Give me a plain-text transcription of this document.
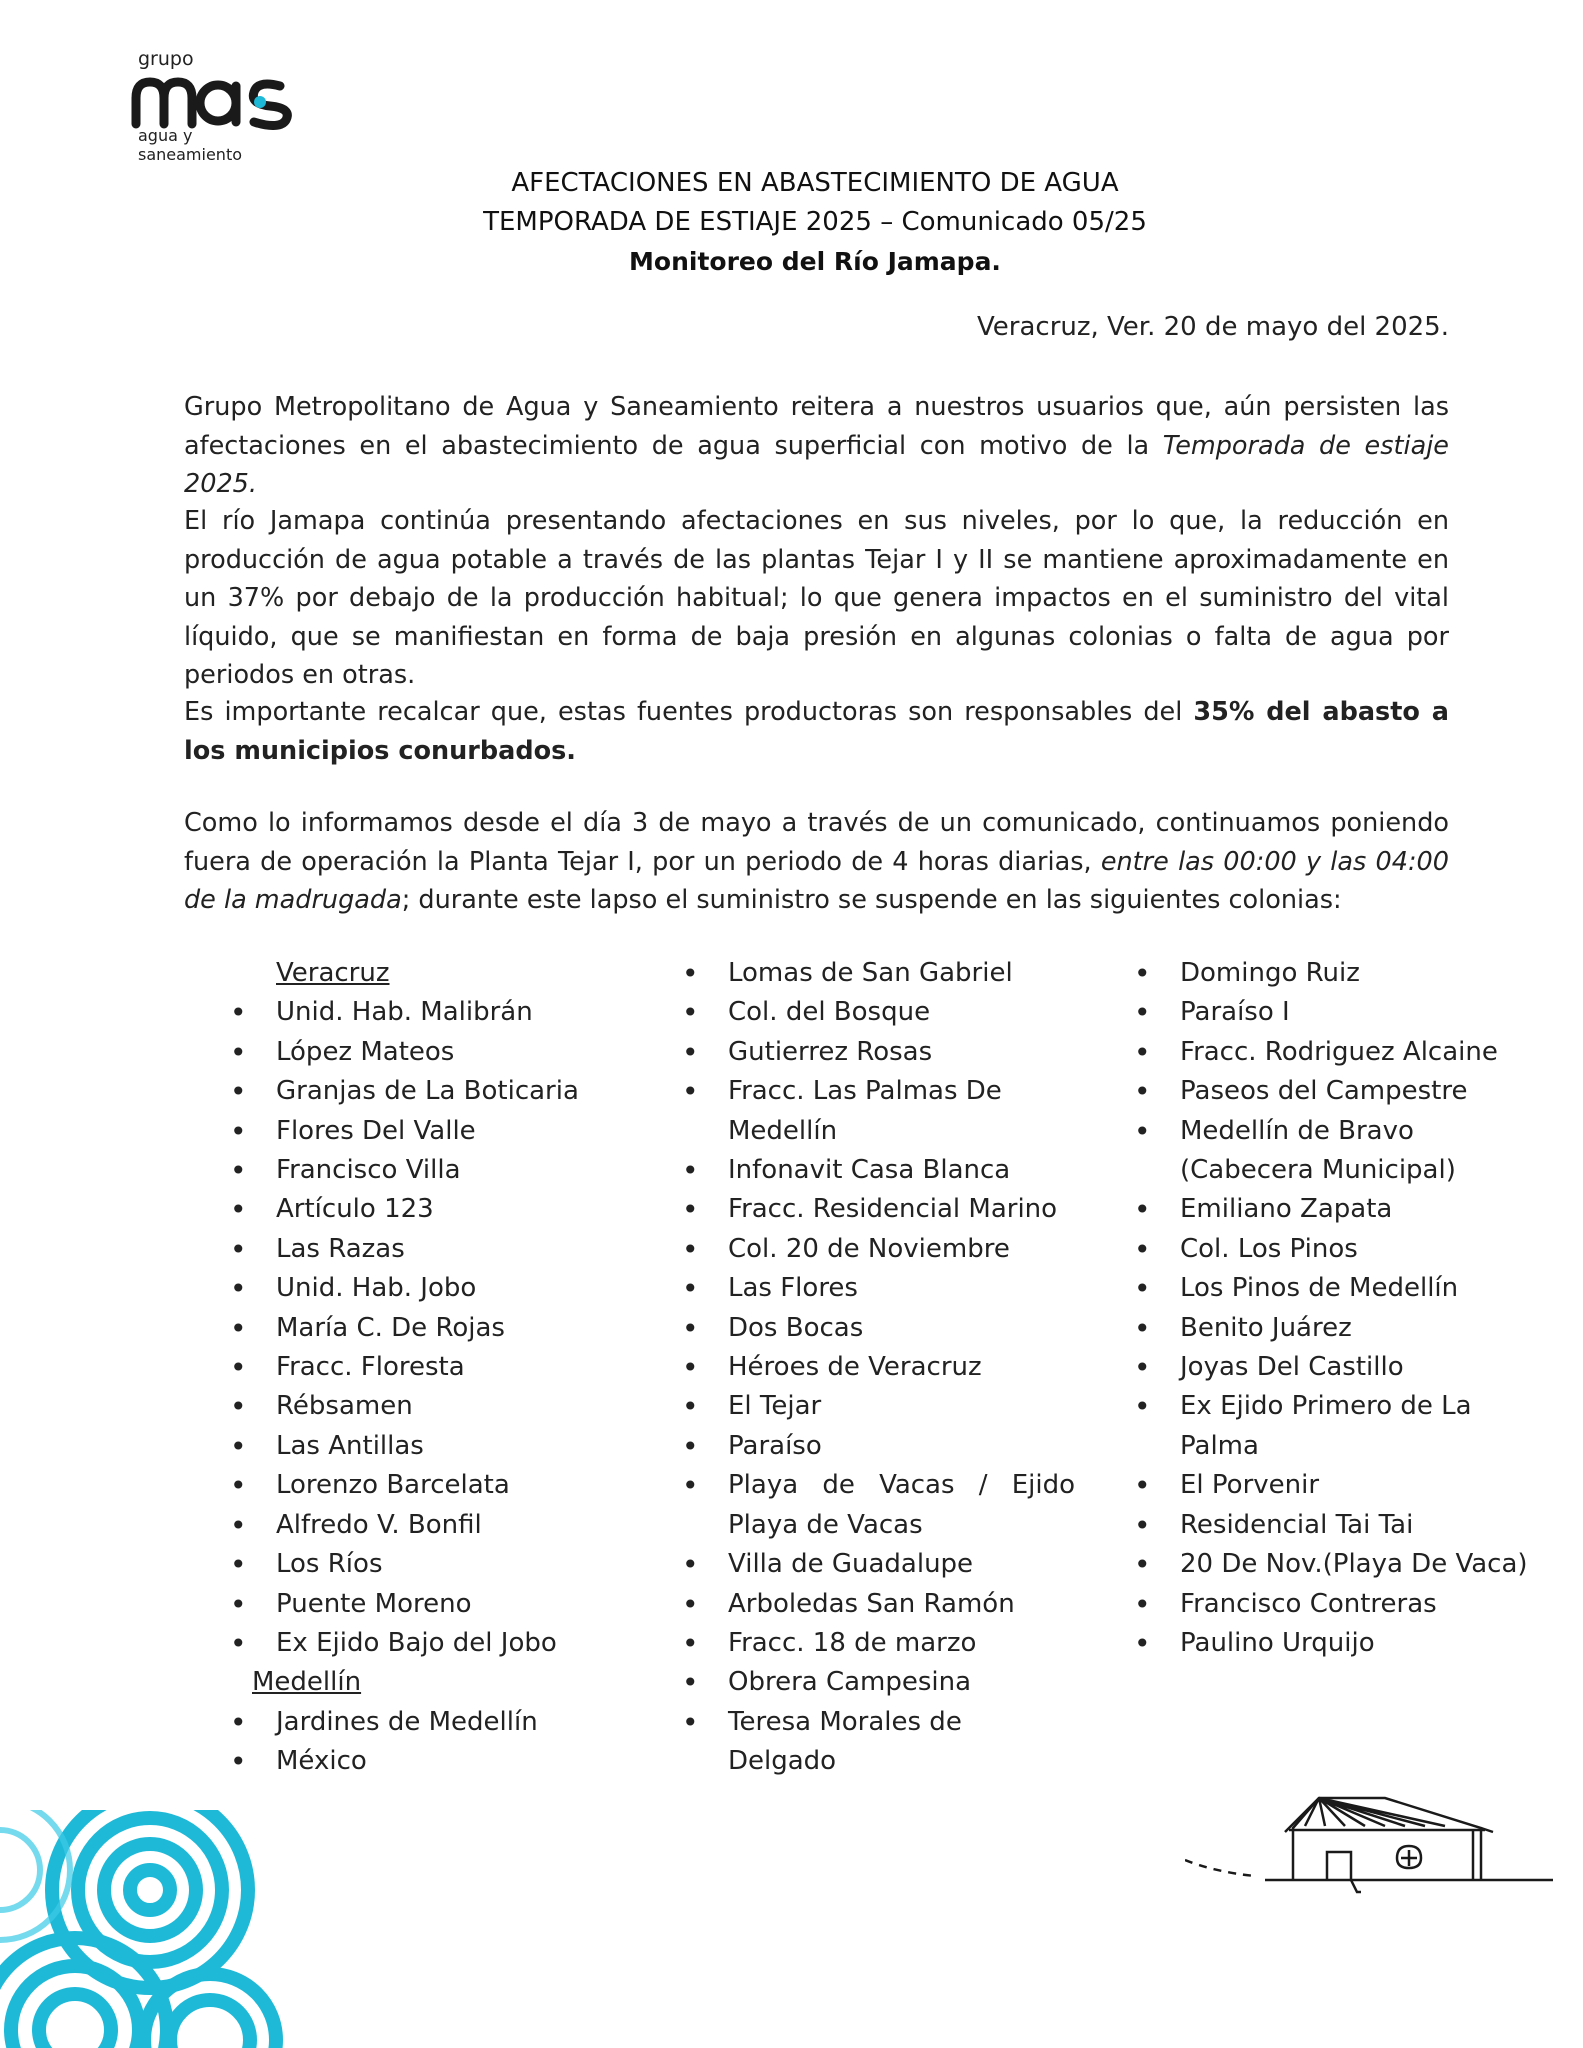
grupo
agua y
saneamiento
AFECTACIONES EN ABASTECIMIENTO DE AGUA
TEMPORADA DE ESTIAJE 2025 – Comunicado 05/25
Monitoreo del Río Jamapa.
Veracruz, Ver. 20 de mayo del 2025.

Grupo Metropolitano de Agua y Saneamiento reitera a nuestros usuarios que, aún persisten las afectaciones en el abastecimiento de agua superficial con motivo de la Temporada de estiaje 2025.

El río Jamapa continúa presentando afectaciones en sus niveles, por lo que, la reducción en producción de agua potable a través de las plantas Tejar I y II se mantiene aproximadamente en un 37% por debajo de la producción habitual; lo que genera impactos en el suministro del vital líquido, que se manifiestan en forma de baja presión en algunas colonias o falta de agua por periodos en otras.

Es importante recalcar que, estas fuentes productoras son responsables del 35% del abasto a los municipios conurbados.

Como lo informamos desde el día 3 de mayo a través de un comunicado, continuamos poniendo fuera de operación la Planta Tejar I, por un periodo de 4 horas diarias, entre las 00:00 y las 04:00 de la madrugada; durante este lapso el suministro se suspende en las siguientes colonias:

Veracruz
• Unid. Hab. Malibrán
• López Mateos
• Granjas de La Boticaria
• Flores Del Valle
• Francisco Villa
• Artículo 123
• Las Razas
• Unid. Hab. Jobo
• María C. De Rojas
• Fracc. Floresta
• Rébsamen
• Las Antillas
• Lorenzo Barcelata
• Alfredo V. Bonfil
• Los Ríos
• Puente Moreno
• Ex Ejido Bajo del Jobo
Medellín
• Jardines de Medellín
• México
• Lomas de San Gabriel
• Col. del Bosque
• Gutierrez Rosas
• Fracc. Las Palmas De Medellín
• Infonavit Casa Blanca
• Fracc. Residencial Marino
• Col. 20 de Noviembre
• Las Flores
• Dos Bocas
• Héroes de Veracruz
• El Tejar
• Paraíso
• Playa de Vacas / Ejido Playa de Vacas
• Villa de Guadalupe
• Arboledas San Ramón
• Fracc. 18 de marzo
• Obrera Campesina
• Teresa Morales de Delgado
• Domingo Ruiz
• Paraíso I
• Fracc. Rodriguez Alcaine
• Paseos del Campestre
• Medellín de Bravo (Cabecera Municipal)
• Emiliano Zapata
• Col. Los Pinos
• Los Pinos de Medellín
• Benito Juárez
• Joyas Del Castillo
• Ex Ejido Primero de La Palma
• El Porvenir
• Residencial Tai Tai
• 20 De Nov.(Playa De Vaca)
• Francisco Contreras
• Paulino Urquijo
